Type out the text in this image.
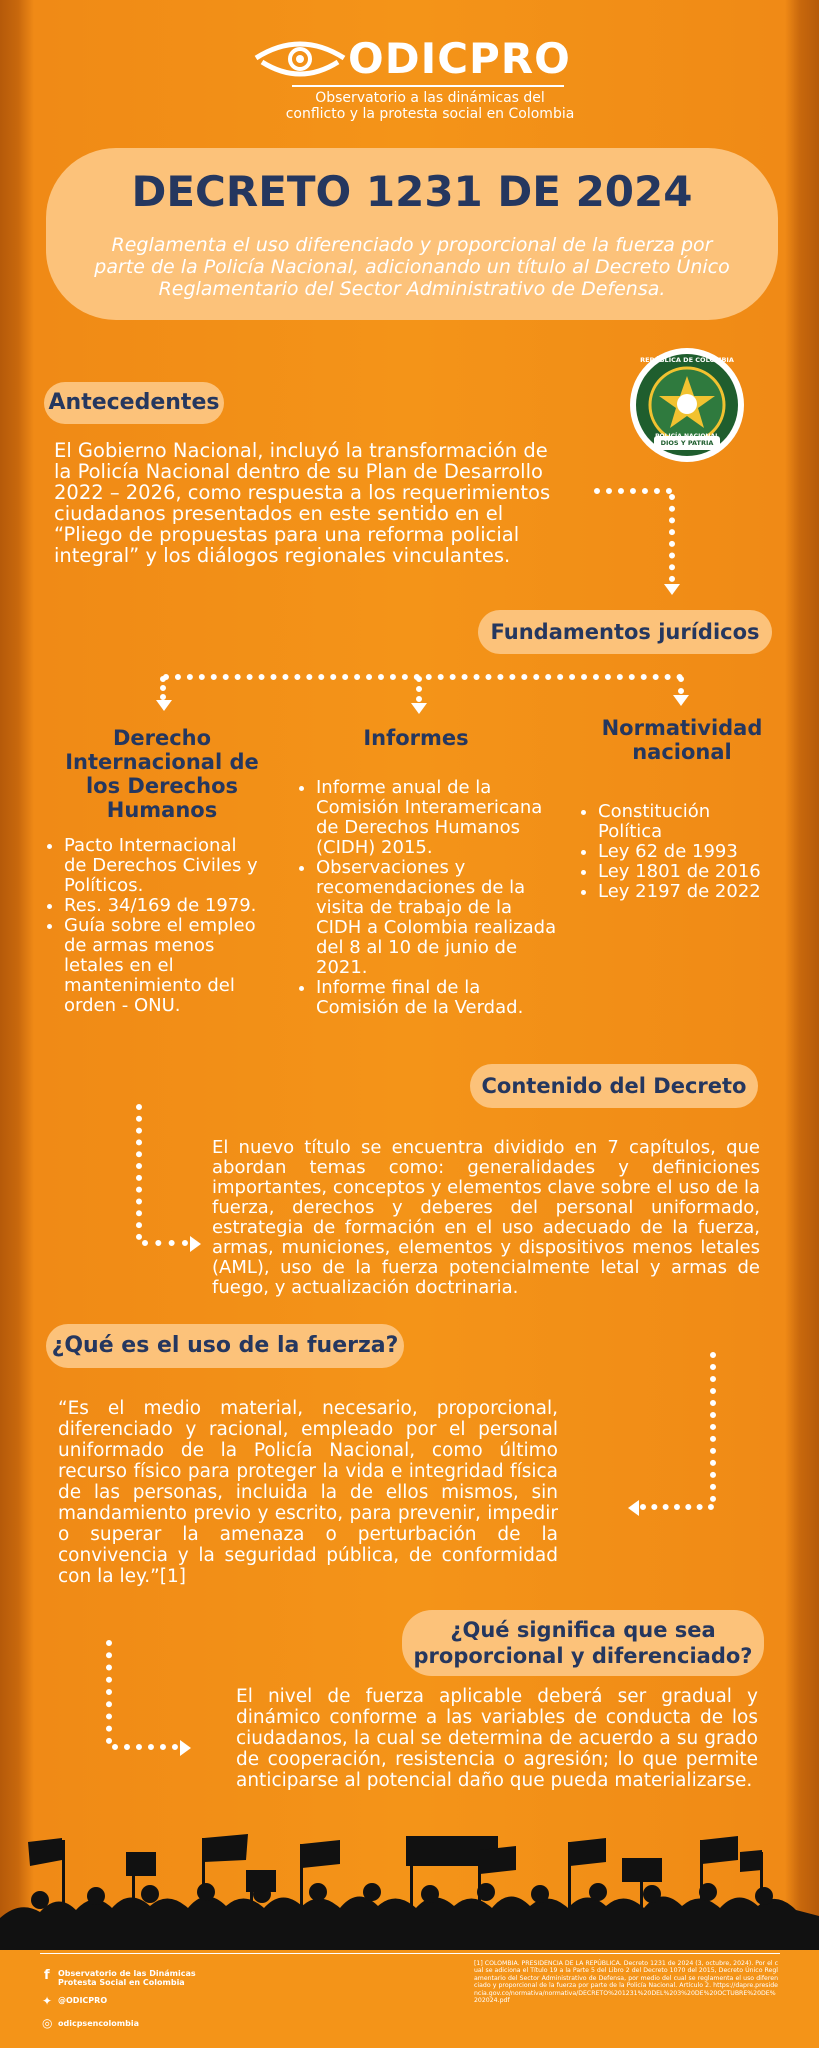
ODICPRO
Observatorio a las dinámicas del
conflicto y la protesta social en Colombia
DECRETO 1231 DE 2024
Reglamenta el uso diferenciado y proporcional de la fuerza por parte de la Policía Nacional, adicionando un título al Decreto Único Reglamentario del Sector Administrativo de Defensa.
Antecedentes
REPÚBLICA DE COLOMBIA
POLICÍA NACIONAL
DIOS Y PATRIA
El Gobierno Nacional, incluyó la transformación de la Policía Nacional dentro de su Plan de Desarrollo 2022 – 2026, como respuesta a los requerimientos ciudadanos presentados en este sentido en el “Pliego de propuestas para una reforma policial integral” y los diálogos regionales vinculantes.
Fundamentos jurídicos
Derecho Internacional de los Derechos Humanos
• Pacto Internacional de Derechos Civiles y Políticos.
• Res. 34/169 de 1979.
• Guía sobre el empleo de armas menos letales en el mantenimiento del orden - ONU.
Informes
• Informe anual de la Comisión Interamericana de Derechos Humanos (CIDH) 2015.
• Observaciones y recomendaciones de la visita de trabajo de la CIDH a Colombia realizada del 8 al 10 de junio de 2021.
• Informe final de la Comisión de la Verdad.
Normatividad nacional
• Constitución Política
• Ley 62 de 1993
• Ley 1801 de 2016
• Ley 2197 de 2022
Contenido del Decreto
El nuevo título se encuentra dividido en 7 capítulos, que abordan temas como: generalidades y definiciones importantes, conceptos y elementos clave sobre el uso de la fuerza, derechos y deberes del personal uniformado, estrategia de formación en el uso adecuado de la fuerza, armas, municiones, elementos y dispositivos menos letales (AML), uso de la fuerza potencialmente letal y armas de fuego, y actualización doctrinaria.
¿Qué es el uso de la fuerza?
“Es el medio material, necesario, proporcional, diferenciado y racional, empleado por el personal uniformado de la Policía Nacional, como último recurso físico para proteger la vida e integridad física de las personas, incluida la de ellos mismos, sin mandamiento previo y escrito, para prevenir, impedir o superar la amenaza o perturbación de la convivencia y la seguridad pública, de conformidad con la ley.”[1]
¿Qué significa que sea
proporcional y diferenciado?
El nivel de fuerza aplicable deberá ser gradual y dinámico conforme a las variables de conducta de los ciudadanos, la cual se determina de acuerdo a su grado de cooperación, resistencia o agresión; lo que permite anticiparse al potencial daño que pueda materializarse.
f Observatorio de las Dinámicas Protesta Social en Colombia
✦ @ODICPRO
◎ odicpsencolombia
[1] COLOMBIA. PRESIDENCIA DE LA REPÚBLICA. Decreto 1231 de 2024 (3, octubre, 2024). Por el cual se adiciona el Título 19 a la Parte 5 del Libro 2 del Decreto 1070 del 2015, Decreto Único Reglamentario del Sector Administrativo de Defensa, por medio del cual se reglamenta el uso diferenciado y proporcional de la fuerza por parte de la Policía Nacional. Artículo 2. https://dapre.presidencia.gov.co/normativa/normativa/DECRETO%201231%20DEL%203%20DE%20OCTUBRE%20DE%202024.pdf
